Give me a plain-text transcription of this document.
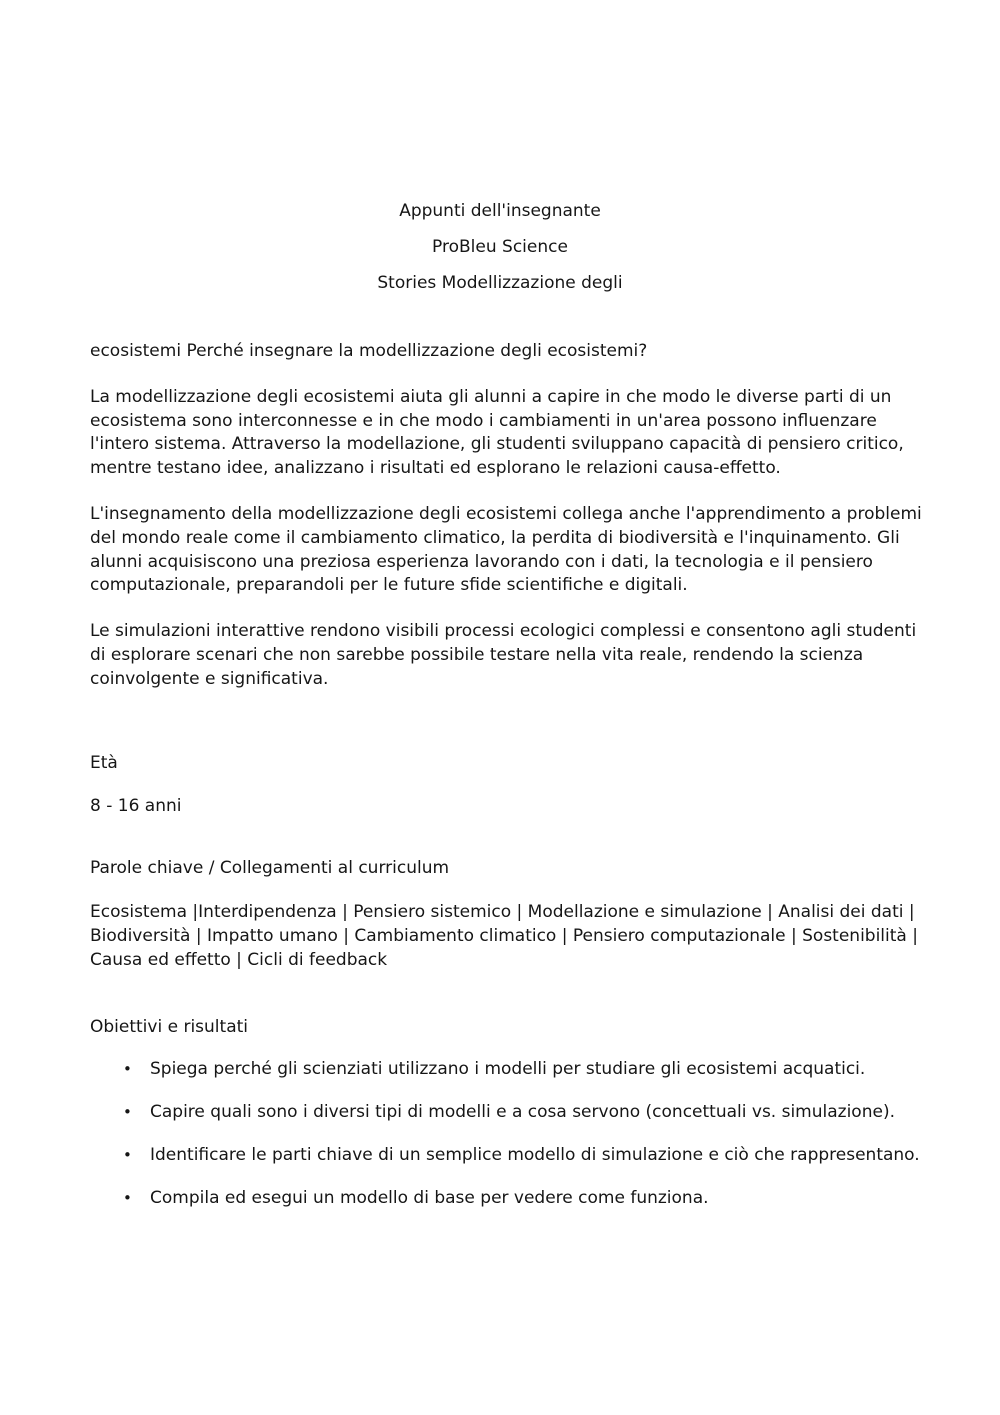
Appunti dell'insegnante
ProBleu Science
Stories Modellizzazione degli

ecosistemi Perché insegnare la modellizzazione degli ecosistemi?

La modellizzazione degli ecosistemi aiuta gli alunni a capire in che modo le diverse parti di un ecosistema sono interconnesse e in che modo i cambiamenti in un'area possono influenzare l'intero sistema. Attraverso la modellazione, gli studenti sviluppano capacità di pensiero critico, mentre testano idee, analizzano i risultati ed esplorano le relazioni causa-effetto.

L'insegnamento della modellizzazione degli ecosistemi collega anche l'apprendimento a problemi del mondo reale come il cambiamento climatico, la perdita di biodiversità e l'inquinamento. Gli alunni acquisiscono una preziosa esperienza lavorando con i dati, la tecnologia e il pensiero computazionale, preparandoli per le future sfide scientifiche e digitali.

Le simulazioni interattive rendono visibili processi ecologici complessi e consentono agli studenti di esplorare scenari che non sarebbe possibile testare nella vita reale, rendendo la scienza coinvolgente e significativa.

Età

8 - 16 anni

Parole chiave / Collegamenti al curriculum

Ecosistema |Interdipendenza | Pensiero sistemico | Modellazione e simulazione | Analisi dei dati | Biodiversità | Impatto umano | Cambiamento climatico | Pensiero computazionale | Sostenibilità | Causa ed effetto | Cicli di feedback

Obiettivi e risultati

• Spiega perché gli scienziati utilizzano i modelli per studiare gli ecosistemi acquatici.
• Capire quali sono i diversi tipi di modelli e a cosa servono (concettuali vs. simulazione).
• Identificare le parti chiave di un semplice modello di simulazione e ciò che rappresentano.
• Compila ed esegui un modello di base per vedere come funziona.
